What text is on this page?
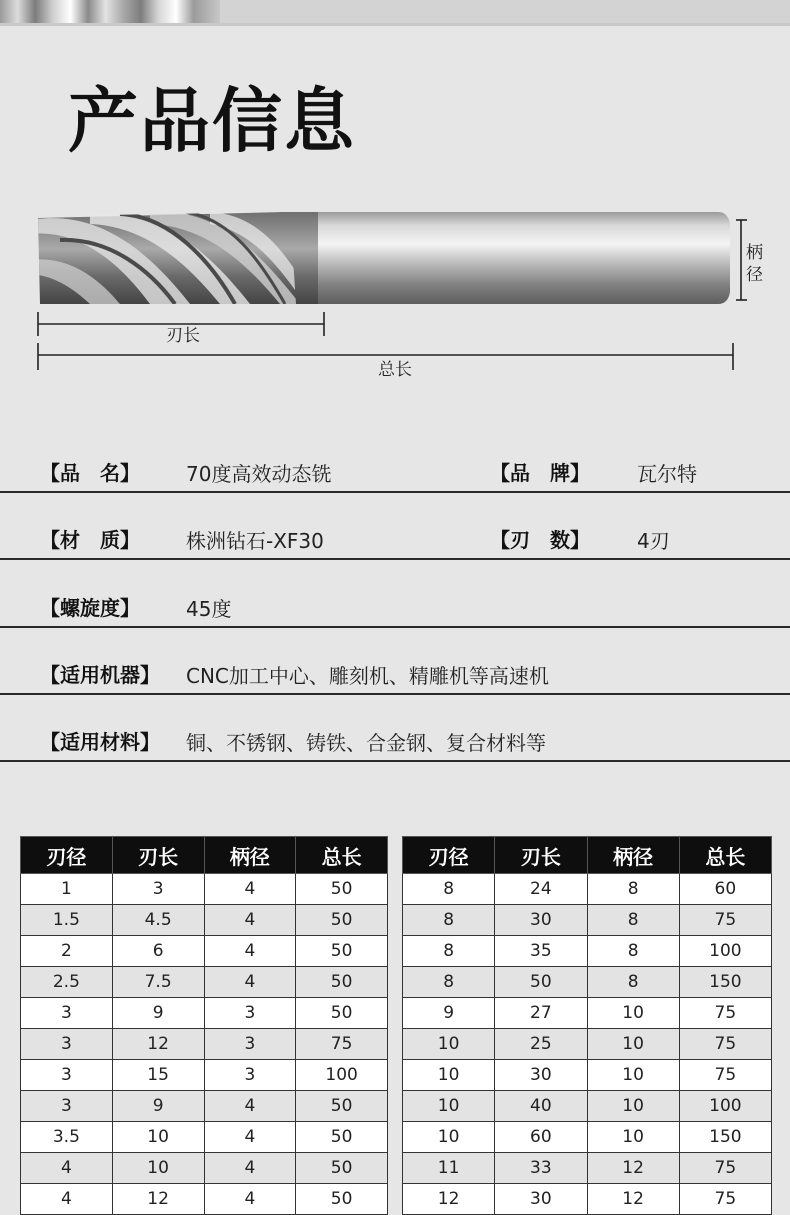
产品信息
柄径
刃长
总长
【品　名】 70度高效动态铣	【品　牌】 瓦尔特
【材　质】 株洲钻石-XF30	【刃　数】 4刃
【螺旋度】 45度
【适用机器】 CNC加工中心、雕刻机、精雕机等高速机
【适用材料】 铜、不锈钢、铸铁、合金钢、复合材料等
刃径	刃长	柄径	总长
1	3	4	50
1.5	4.5	4	50
2	6	4	50
2.5	7.5	4	50
3	9	3	50
3	12	3	75
3	15	3	100
3	9	4	50
3.5	10	4	50
4	10	4	50
4	12	4	50
刃径	刃长	柄径	总长
8	24	8	60
8	30	8	75
8	35	8	100
8	50	8	150
9	27	10	75
10	25	10	75
10	30	10	75
10	40	10	100
10	60	10	150
11	33	12	75
12	30	12	75
